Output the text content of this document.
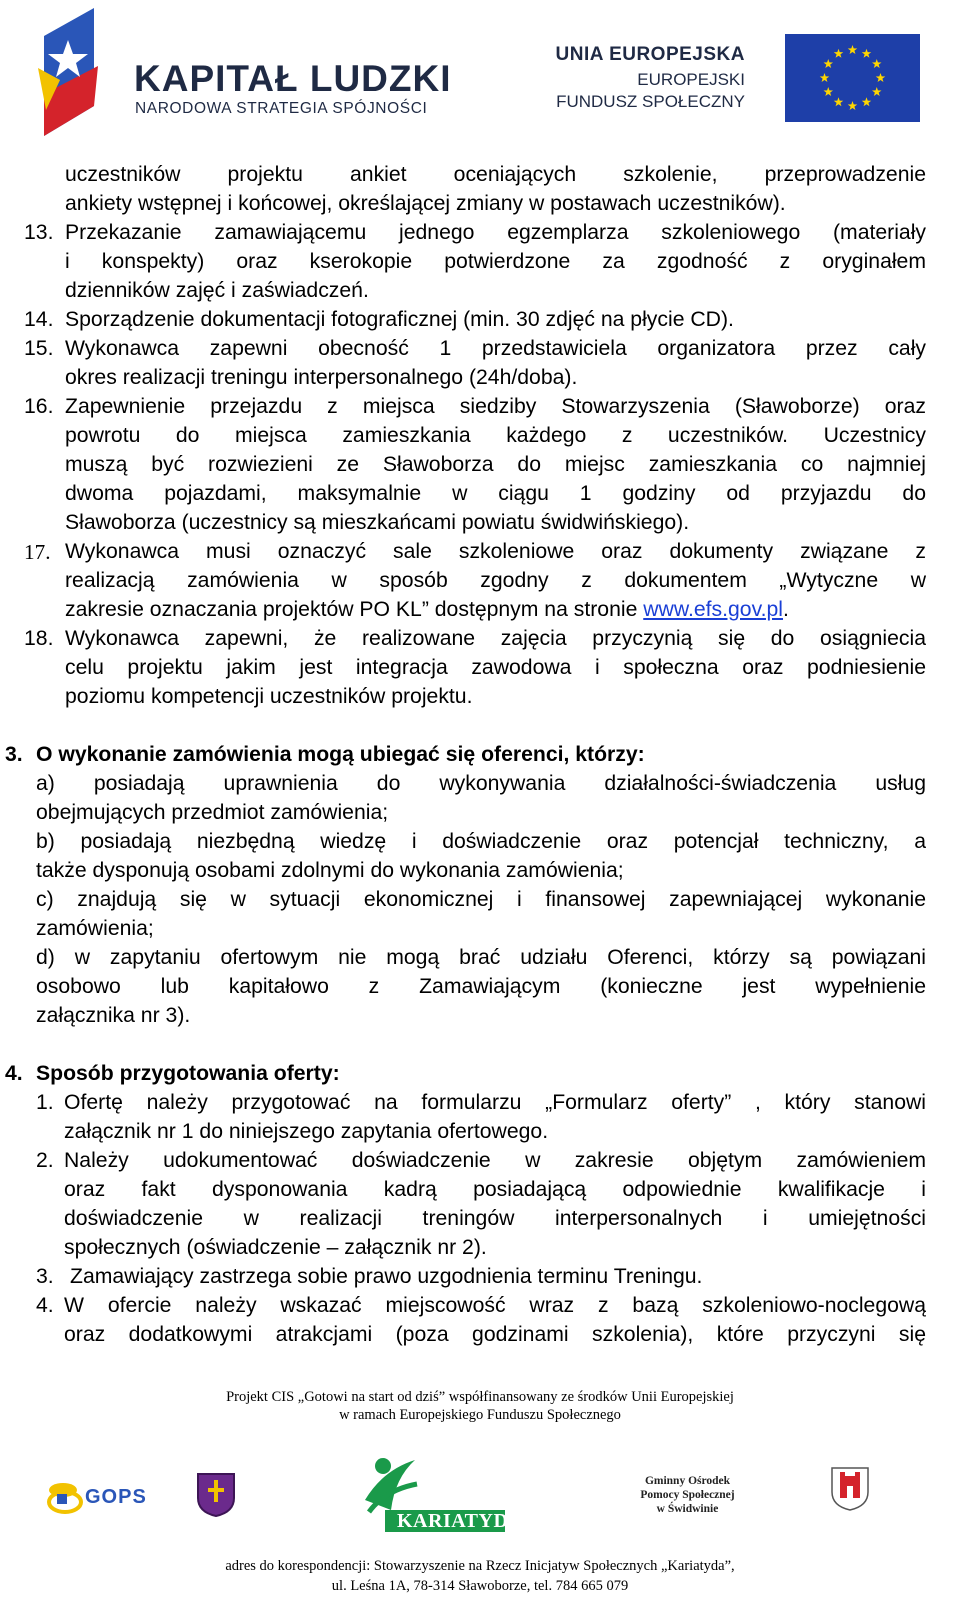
KAPITAŁ LUDZKI
NARODOWA STRATEGIA SPÓJNOŚCI
UNIA EUROPEJSKA
EUROPEJSKI
FUNDUSZ SPOŁECZNY
uczestników projektu ankiet oceniających szkolenie, przeprowadzenie
ankiety wstępnej i końcowej, określającej zmiany w postawach uczestników).
13. Przekazanie zamawiającemu jednego egzemplarza szkoleniowego (materiały
i konspekty) oraz kserokopie potwierdzone za zgodność z oryginałem
dzienników zajęć i zaświadczeń.
14. Sporządzenie dokumentacji fotograficznej (min. 30 zdjęć na płycie CD).
15. Wykonawca zapewni obecność 1 przedstawiciela organizatora przez cały
okres realizacji treningu interpersonalnego (24h/doba).
16. Zapewnienie przejazdu z miejsca siedziby Stowarzyszenia (Sławoborze) oraz
powrotu do miejsca zamieszkania każdego z uczestników. Uczestnicy
muszą być rozwiezieni ze Sławoborza do miejsc zamieszkania co najmniej
dwoma pojazdami, maksymalnie w ciągu 1 godziny od przyjazdu do
Sławoborza (uczestnicy są mieszkańcami powiatu świdwińskiego).
17. Wykonawca musi oznaczyć sale szkoleniowe oraz dokumenty związane z
realizacją zamówienia w sposób zgodny z dokumentem „Wytyczne w
zakresie oznaczania projektów PO KL” dostępnym na stronie www.efs.gov.pl.
18. Wykonawca zapewni, że realizowane zajęcia przyczynią się do osiągniecia
celu projektu jakim jest integracja zawodowa i społeczna oraz podniesienie
poziomu kompetencji uczestników projektu.
3. O wykonanie zamówienia mogą ubiegać się oferenci, którzy:
a) posiadają uprawnienia do wykonywania działalności-świadczenia usług
obejmujących przedmiot zamówienia;
b) posiadają niezbędną wiedzę i doświadczenie oraz potencjał techniczny, a
także dysponują osobami zdolnymi do wykonania zamówienia;
c) znajdują się w sytuacji ekonomicznej i finansowej zapewniającej wykonanie
zamówienia;
d) w zapytaniu ofertowym nie mogą brać udziału Oferenci, którzy są powiązani
osobowo lub kapitałowo z Zamawiającym (konieczne jest wypełnienie
załącznika nr 3).
4. Sposób przygotowania oferty:
1. Ofertę należy przygotować na formularzu „Formularz oferty” , który stanowi
załącznik nr 1 do niniejszego zapytania ofertowego.
2. Należy udokumentować doświadczenie w zakresie objętym zamówieniem
oraz fakt dysponowania kadrą posiadającą odpowiednie kwalifikacje i
doświadczenie w realizacji treningów interpersonalnych i umiejętności
społecznych (oświadczenie – załącznik nr 2).
3. Zamawiający zastrzega sobie prawo uzgodnienia terminu Treningu.
4. W ofercie należy wskazać miejscowość wraz z bazą szkoleniowo-noclegową
oraz dodatkowymi atrakcjami (poza godzinami szkolenia), które przyczyni się
Projekt CIS „Gotowi na start od dziś” współfinansowany ze środków Unii Europejskiej
w ramach Europejskiego Funduszu Społecznego
GOPS
KARIATYDA
Gminny Ośrodek
Pomocy Społecznej
w Świdwinie
adres do korespondencji: Stowarzyszenie na Rzecz Inicjatyw Społecznych „Kariatyda”,
ul. Leśna 1A, 78-314 Sławoborze, tel. 784 665 079
